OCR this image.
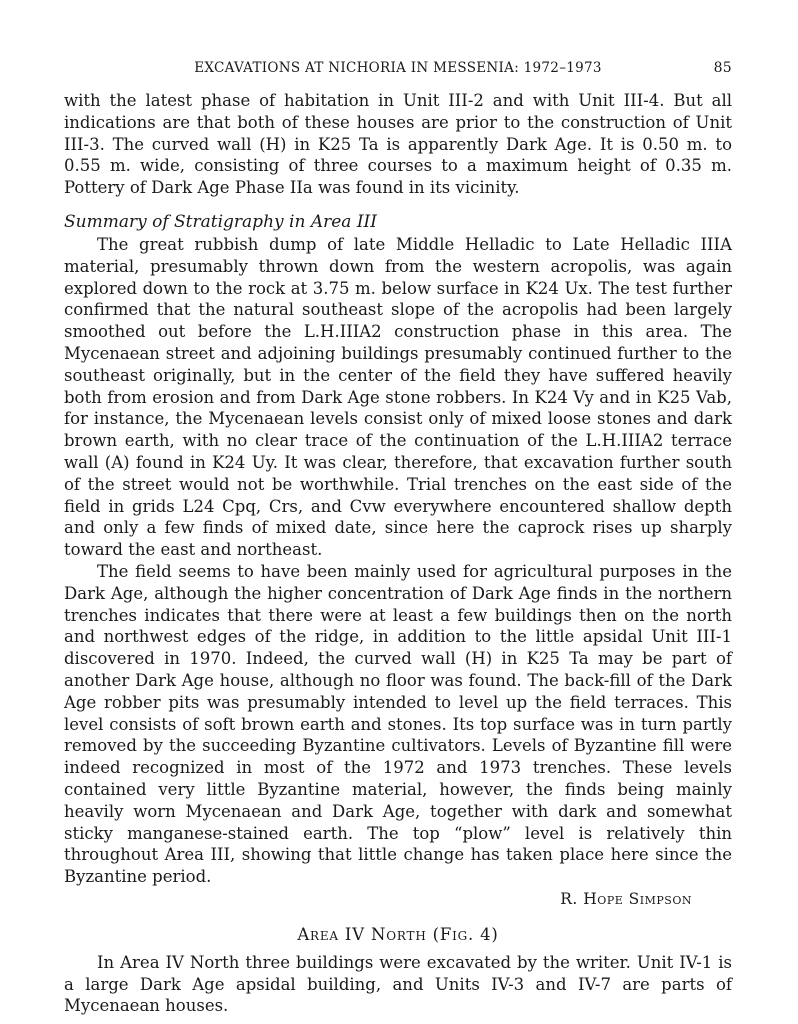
EXCAVATIONS AT NICHORIA IN MESSENIA: 1972–1973	85

with the latest phase of habitation in Unit III-2 and with Unit III-4. But all indications are that both of these houses are prior to the construction of Unit III-3. The curved wall (H) in K25 Ta is apparently Dark Age. It is 0.50 m. to 0.55 m. wide, consisting of three courses to a maximum height of 0.35 m. Pottery of Dark Age Phase IIa was found in its vicinity.

Summary of Stratigraphy in Area III

The great rubbish dump of late Middle Helladic to Late Helladic IIIA material, presumably thrown down from the western acropolis, was again explored down to the rock at 3.75 m. below surface in K24 Ux. The test further confirmed that the natural southeast slope of the acropolis had been largely smoothed out before the L.H.IIIA2 construction phase in this area. The Mycenaean street and adjoining buildings presumably continued further to the southeast originally, but in the center of the field they have suffered heavily both from erosion and from Dark Age stone robbers. In K24 Vy and in K25 Vab, for instance, the Mycenaean levels consist only of mixed loose stones and dark brown earth, with no clear trace of the continuation of the L.H.IIIA2 terrace wall (A) found in K24 Uy. It was clear, therefore, that excavation further south of the street would not be worthwhile. Trial trenches on the east side of the field in grids L24 Cpq, Crs, and Cvw everywhere encountered shallow depth and only a few finds of mixed date, since here the caprock rises up sharply toward the east and northeast.

The field seems to have been mainly used for agricultural purposes in the Dark Age, although the higher concentration of Dark Age finds in the northern trenches indicates that there were at least a few buildings then on the north and northwest edges of the ridge, in addition to the little apsidal Unit III-1 discovered in 1970. Indeed, the curved wall (H) in K25 Ta may be part of another Dark Age house, although no floor was found. The back-fill of the Dark Age robber pits was presumably intended to level up the field terraces. This level consists of soft brown earth and stones. Its top surface was in turn partly removed by the succeeding Byzantine cultivators. Levels of Byzantine fill were indeed recognized in most of the 1972 and 1973 trenches. These levels contained very little Byzantine material, however, the finds being mainly heavily worn Mycenaean and Dark Age, together with dark and somewhat sticky manganese-stained earth. The top “plow” level is relatively thin throughout Area III, showing that little change has taken place here since the Byzantine period.

R. Hope Simpson
Area IV North (Fig. 4)

In Area IV North three buildings were excavated by the writer. Unit IV-1 is a large Dark Age apsidal building, and Units IV-3 and IV-7 are parts of Mycenaean houses.
